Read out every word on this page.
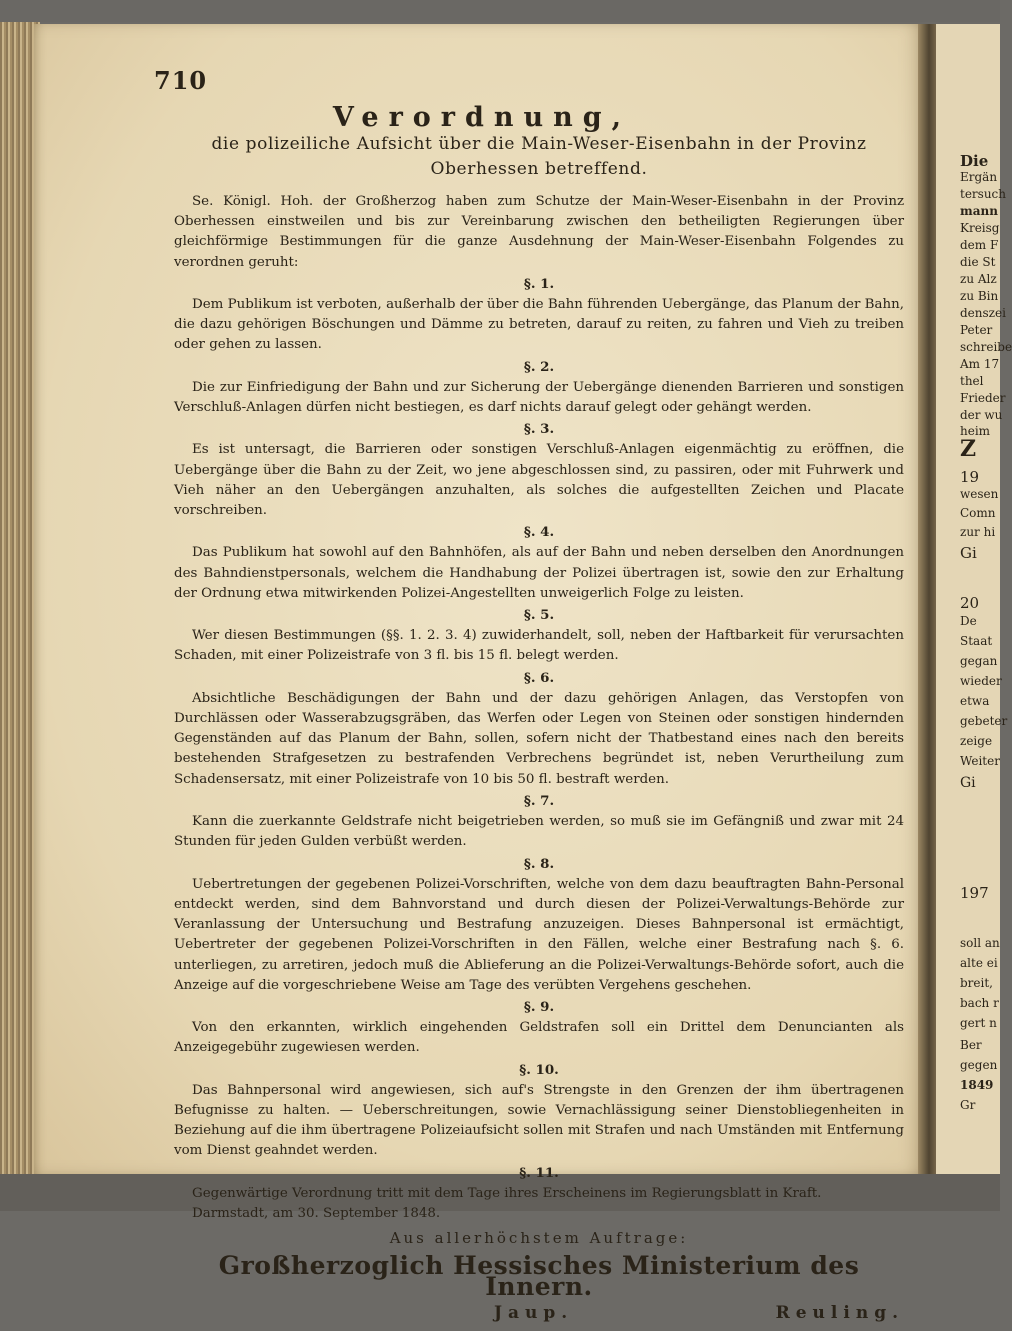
710
Verordnung,
die polizeiliche Aufsicht über die Main-Weser-Eisenbahn in der Provinz Oberhessen betreffend.

Se. Königl. Hoh. der Großherzog haben zum Schutze der Main-Weser-Eisenbahn in der Provinz Oberhessen einstweilen und bis zur Vereinbarung zwischen den betheiligten Regierungen über gleichförmige Bestimmungen für die ganze Ausdehnung der Main-Weser-Eisenbahn Folgendes zu verordnen geruht:

§. 1.

Dem Publikum ist verboten, außerhalb der über die Bahn führenden Uebergänge, das Planum der Bahn, die dazu gehörigen Böschungen und Dämme zu betreten, darauf zu reiten, zu fahren und Vieh zu treiben oder gehen zu lassen.

§. 2.

Die zur Einfriedigung der Bahn und zur Sicherung der Uebergänge dienenden Barrieren und sonstigen Verschluß-Anlagen dürfen nicht bestiegen, es darf nichts darauf gelegt oder gehängt werden.

§. 3.

Es ist untersagt, die Barrieren oder sonstigen Verschluß-Anlagen eigenmächtig zu eröffnen, die Uebergänge über die Bahn zu der Zeit, wo jene abgeschlossen sind, zu passiren, oder mit Fuhrwerk und Vieh näher an den Uebergängen anzuhalten, als solches die aufgestellten Zeichen und Placate vorschreiben.

§. 4.

Das Publikum hat sowohl auf den Bahnhöfen, als auf der Bahn und neben derselben den Anordnungen des Bahndienstpersonals, welchem die Handhabung der Polizei übertragen ist, sowie den zur Erhaltung der Ordnung etwa mitwirkenden Polizei-Angestellten unweigerlich Folge zu leisten.

§. 5.

Wer diesen Bestimmungen (§§. 1. 2. 3. 4) zuwiderhandelt, soll, neben der Haftbarkeit für verursachten Schaden, mit einer Polizeistrafe von 3 fl. bis 15 fl. belegt werden.

§. 6.

Absichtliche Beschädigungen der Bahn und der dazu gehörigen Anlagen, das Verstopfen von Durchlässen oder Wasserabzugsgräben, das Werfen oder Legen von Steinen oder sonstigen hindernden Gegenständen auf das Planum der Bahn, sollen, sofern nicht der Thatbestand eines nach den bereits bestehenden Strafgesetzen zu bestrafenden Verbrechens begründet ist, neben Verurtheilung zum Schadensersatz, mit einer Polizeistrafe von 10 bis 50 fl. bestraft werden.

§. 7.

Kann die zuerkannte Geldstrafe nicht beigetrieben werden, so muß sie im Gefängniß und zwar mit 24 Stunden für jeden Gulden verbüßt werden.

§. 8.

Uebertretungen der gegebenen Polizei-Vorschriften, welche von dem dazu beauftragten Bahn-Personal entdeckt werden, sind dem Bahnvorstand und durch diesen der Polizei-Verwaltungs-Behörde zur Veranlassung der Untersuchung und Bestrafung anzuzeigen. Dieses Bahnpersonal ist ermächtigt, Uebertreter der gegebenen Polizei-Vorschriften in den Fällen, welche einer Bestrafung nach §. 6. unterliegen, zu arretiren, jedoch muß die Ablieferung an die Polizei-Verwaltungs-Behörde sofort, auch die Anzeige auf die vorgeschriebene Weise am Tage des verübten Vergehens geschehen.

§. 9.

Von den erkannten, wirklich eingehenden Geldstrafen soll ein Drittel dem Denuncianten als Anzeigegebühr zugewiesen werden.

§. 10.

Das Bahnpersonal wird angewiesen, sich auf's Strengste in den Grenzen der ihm übertragenen Befugnisse zu halten. — Ueberschreitungen, sowie Vernachlässigung seiner Dienstobliegenheiten in Beziehung auf die ihm übertragene Polizeiaufsicht sollen mit Strafen und nach Umständen mit Entfernung vom Dienst geahndet werden.

§. 11.

Gegenwärtige Verordnung tritt mit dem Tage ihres Erscheinens im Regierungsblatt in Kraft.

Darmstadt, am 30. September 1848.

Aus allerhöchstem Auftrage:
Großherzoglich Hessisches Ministerium des Innern.
Jaup.	Reuling.
Die
Ergän
tersuch
mann
Kreisg
dem F
die St
zu Alz
zu Bin
denszei
Peter
schreibe
Am 17
thel
Frieder
der wu
heim
Z
19
wesen
Comn
zur hi
Gi
20
De
Staat
gegan
wieder
etwa
gebeter
zeige
Weiter
Gi
197
soll an
alte ei
breit,
bach r
gert n
Ber
gegen
1849
Gr
